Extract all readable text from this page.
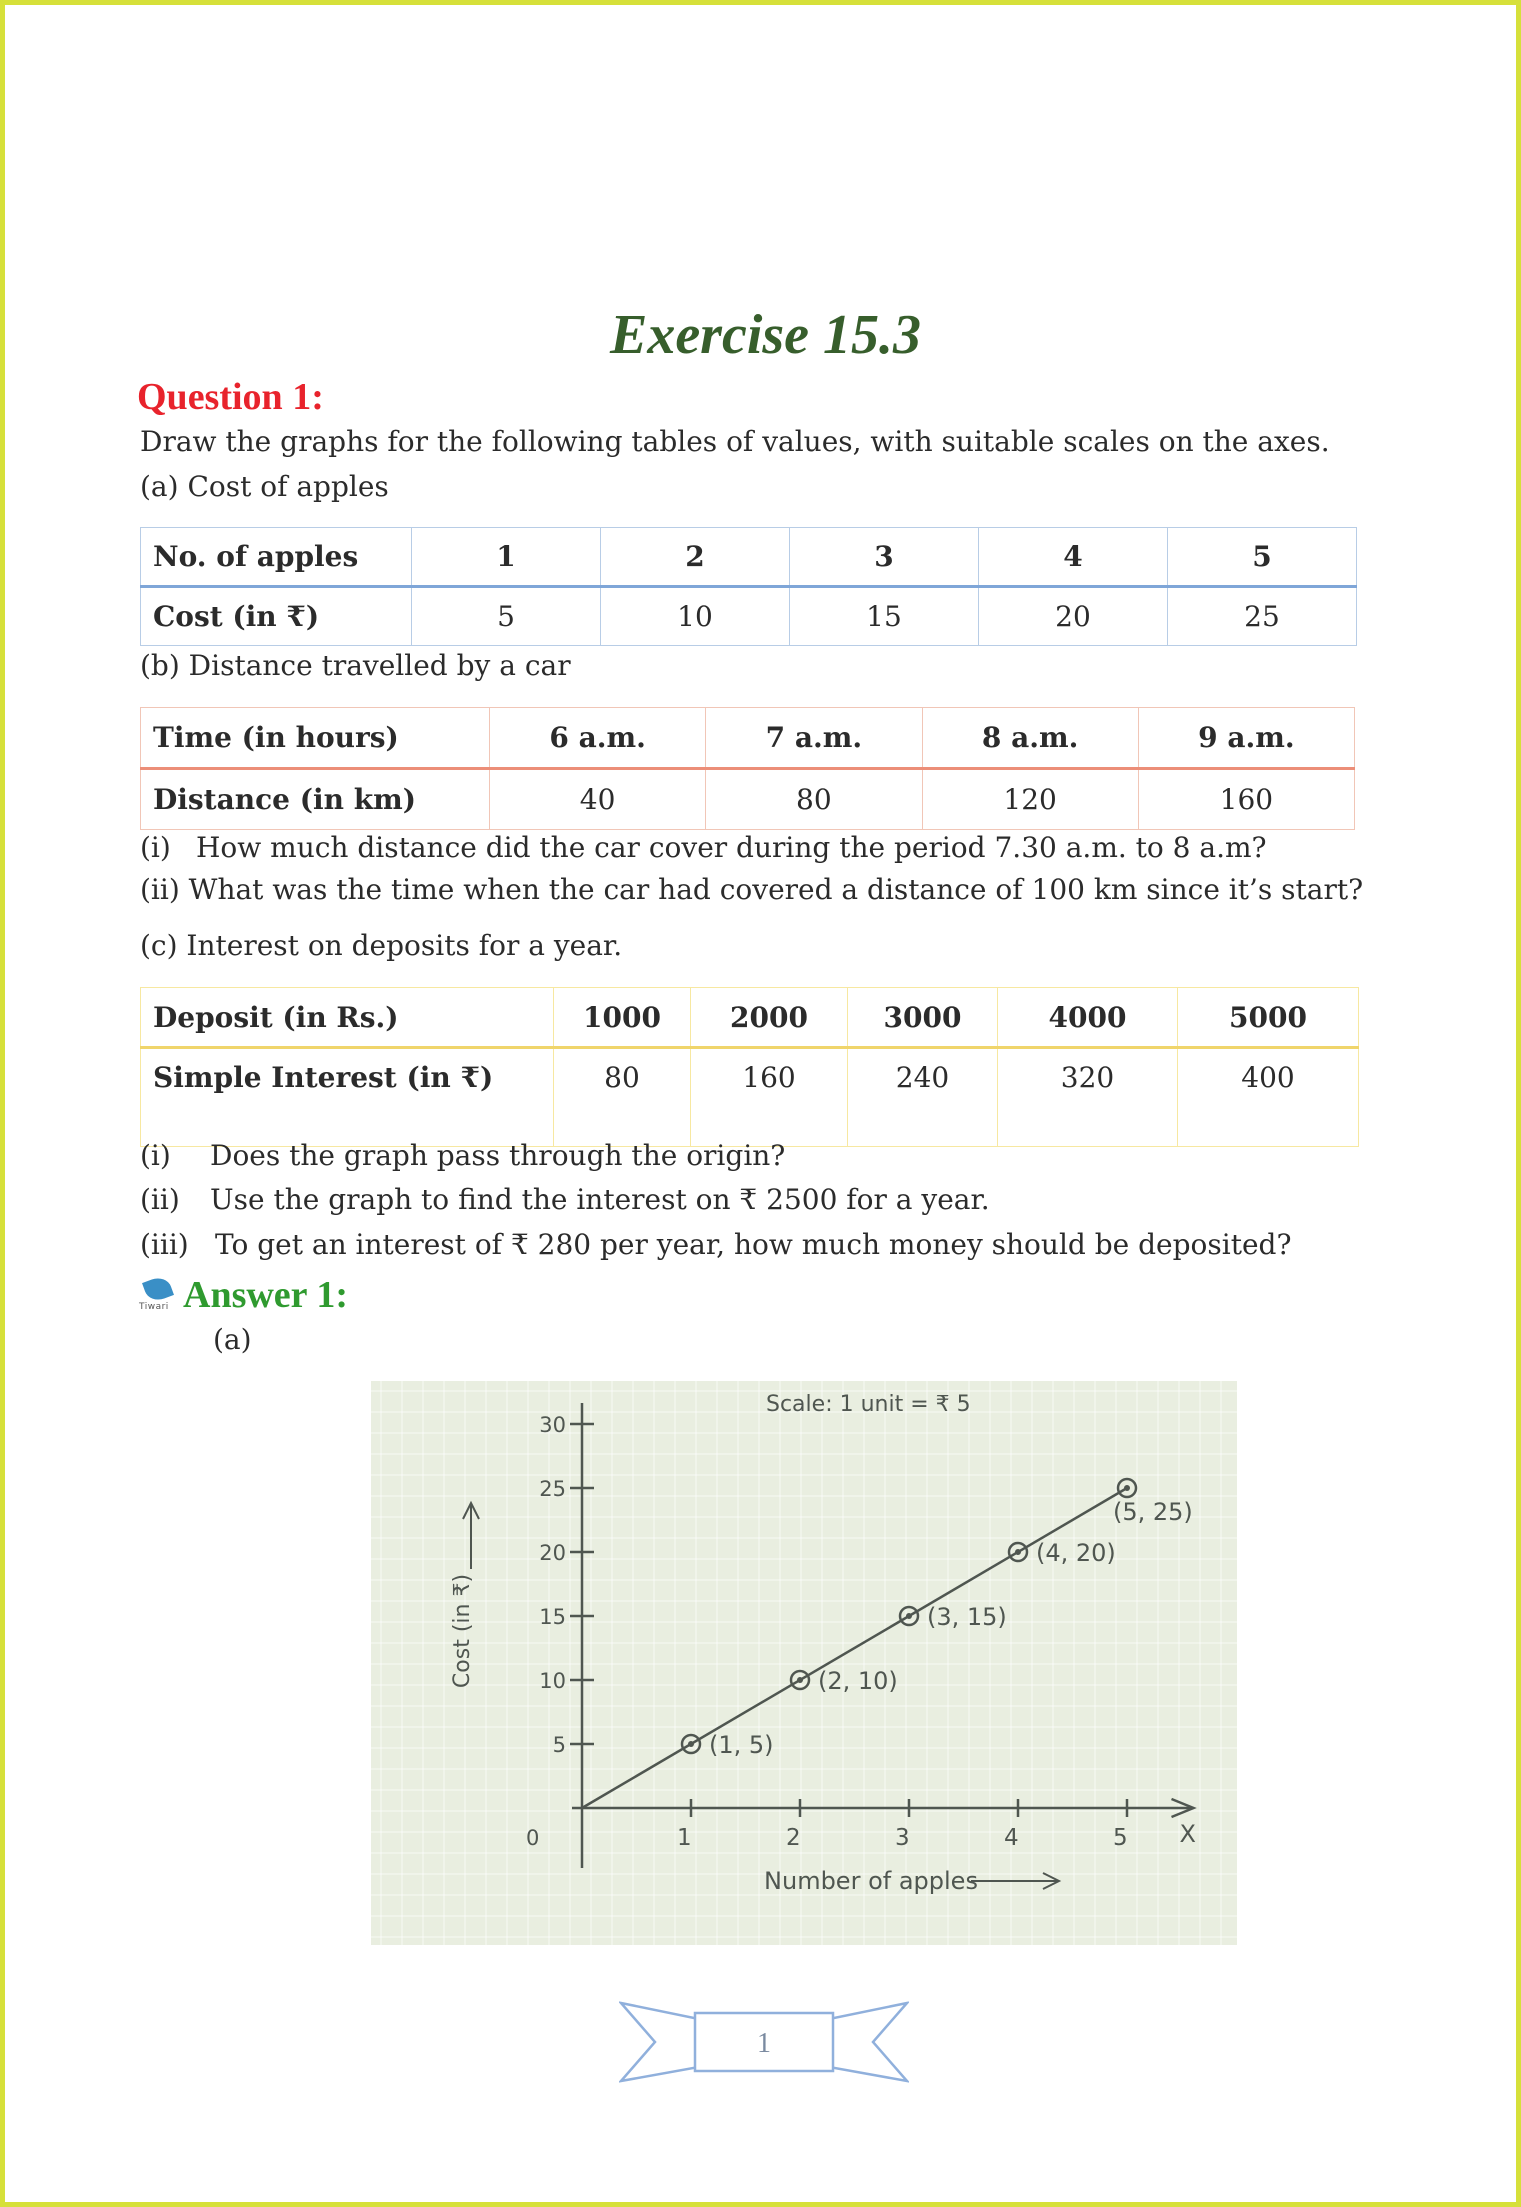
Exercise 15.3
Question 1:
Draw the graphs for the following tables of values, with suitable scales on the axes.
(a) Cost of apples
No. of apples	1	2	3	4	5
Cost (in ₹)	5	10	15	20	25
(b) Distance travelled by a car
Time (in hours)	6 a.m.	7 a.m.	8 a.m.	9 a.m.
Distance (in km)	40	80	120	160
(i) How much distance did the car cover during the period 7.30 a.m. to 8 a.m?
(ii) What was the time when the car had covered a distance of 100 km since it’s start?
(c) Interest on deposits for a year.
Deposit (in Rs.)	1000	2000	3000	4000	5000
Simple Interest (in ₹)	80	160	240	320	400
(i) Does the graph pass through the origin?
(ii) Use the graph to find the interest on ₹ 2500 for a year.
(iii) To get an interest of ₹ 280 per year, how much money should be deposited?
Tiwari Answer 1:
(a)
1	2	3	4	5 X
0
5
10
15
20
25
30
Scale: 1 unit = ₹ 5
Number of apples
Cost (in ₹)
(1, 5)
(2, 10)
(3, 15)
(4, 20)
(5, 25)
1
